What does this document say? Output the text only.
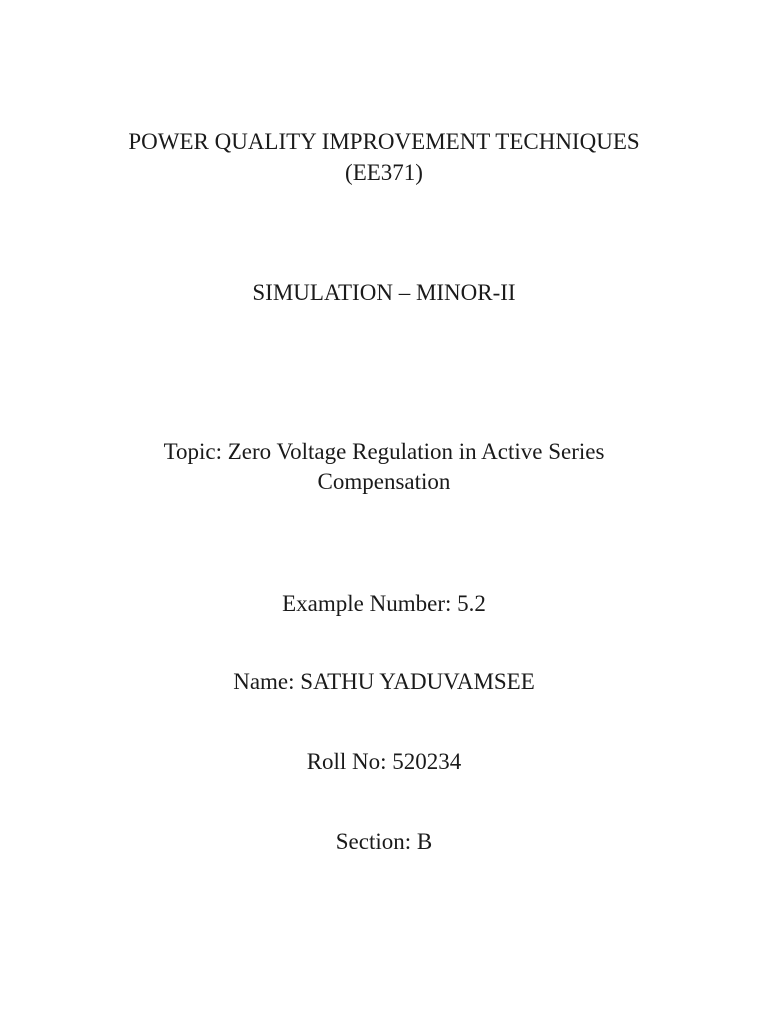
POWER QUALITY IMPROVEMENT TECHNIQUES
(EE371)
SIMULATION – MINOR-II
Topic: Zero Voltage Regulation in Active Series
Compensation
Example Number: 5.2
Name: SATHU YADUVAMSEE
Roll No: 520234
Section: B
